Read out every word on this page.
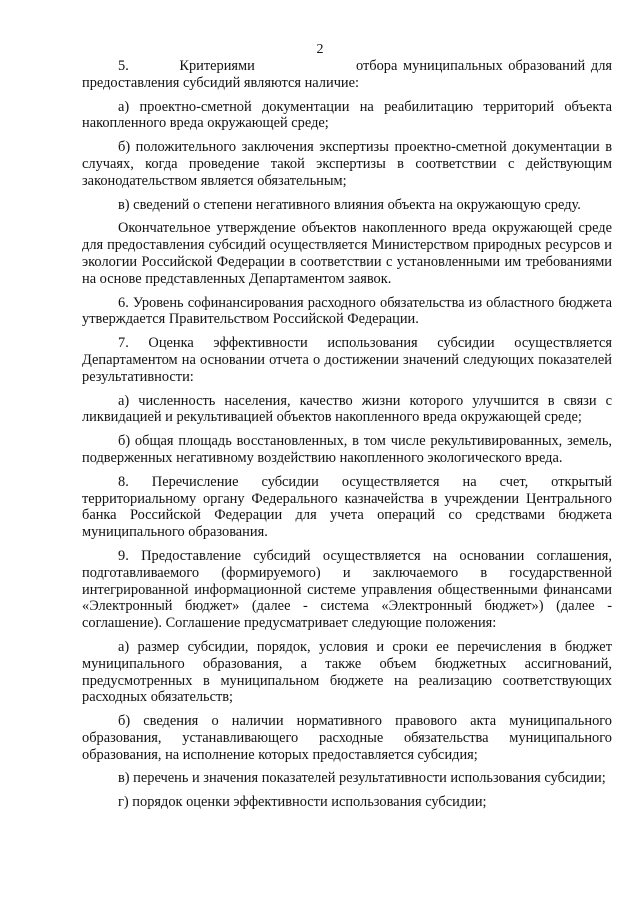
2

5.         Критериями                  отбора муниципальных образований для предоставления субсидий являются наличие:

а) проектно-сметной документации на реабилитацию территорий объекта накопленного вреда окружающей среде;

б) положительного заключения экспертизы проектно-сметной документации в случаях, когда проведение такой экспертизы в соответствии с действующим законодательством является обязательным;

в) сведений о степени негативного влияния объекта на окружающую среду.

Окончательное утверждение объектов накопленного вреда окружающей среде для предоставления субсидий осуществляется Министерством природных ресурсов и экологии Российской Федерации в соответствии с установленными им требованиями на основе представленных Департаментом заявок.

6. Уровень софинансирования расходного обязательства из областного бюджета утверждается Правительством Российской Федерации.

7. Оценка эффективности использования субсидии осуществляется Департаментом на основании отчета о достижении значений следующих показателей результативности:

а) численность населения, качество жизни которого улучшится в связи с ликвидацией и рекультивацией объектов накопленного вреда окружающей среде;

б) общая площадь восстановленных, в том числе рекультивированных, земель, подверженных негативному воздействию накопленного экологического вреда.

8. Перечисление субсидии осуществляется на счет, открытый территориальному органу Федерального казначейства в учреждении Центрального банка Российской Федерации для учета операций со средствами бюджета муниципального образования.

9. Предоставление субсидий осуществляется на основании соглашения, подготавливаемого (формируемого) и заключаемого в государственной интегрированной информационной системе управления общественными финансами «Электронный бюджет» (далее - система «Электронный бюджет») (далее - соглашение). Соглашение предусматривает следующие положения:

а) размер субсидии, порядок, условия и сроки ее перечисления в бюджет муниципального образования, а также объем бюджетных ассигнований, предусмотренных в муниципальном бюджете на реализацию соответствующих расходных обязательств;

б) сведения о наличии нормативного правового акта муниципального образования, устанавливающего расходные обязательства муниципального образования, на исполнение которых предоставляется субсидия;

в) перечень и значения показателей результативности использования субсидии;

г) порядок оценки эффективности использования субсидии;
